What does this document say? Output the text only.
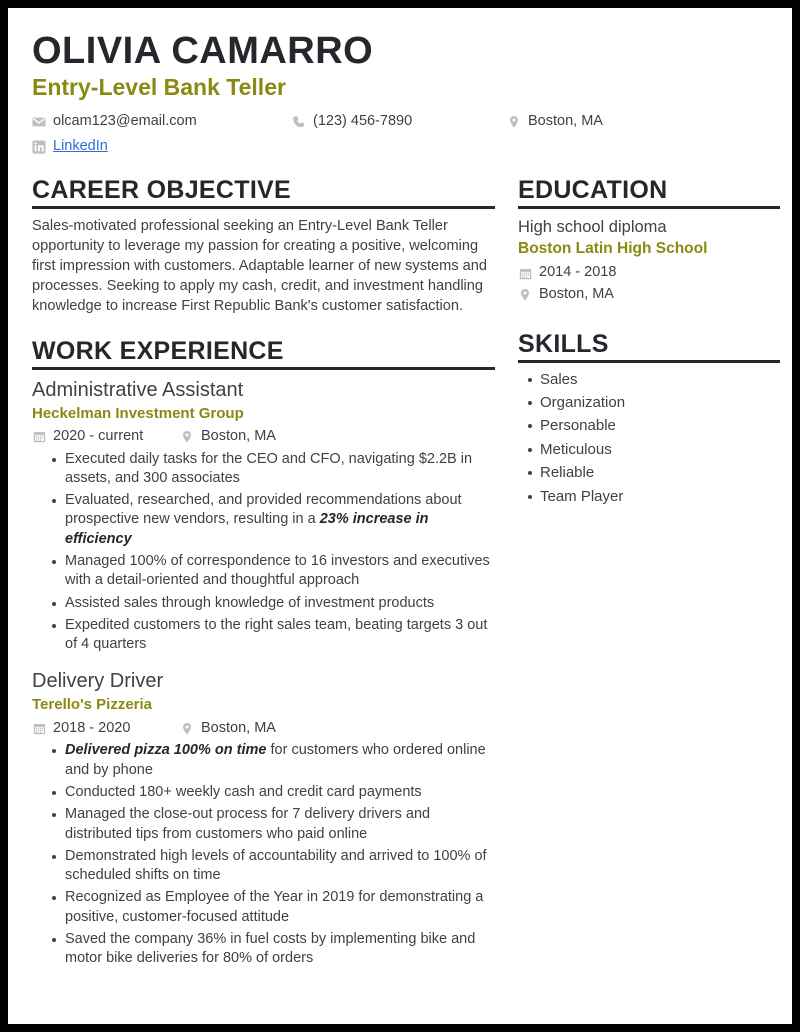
OLIVIA CAMARRO
Entry-Level Bank Teller
olcam123@email.com	(123) 456-7890	Boston, MA
LinkedIn
CAREER OBJECTIVE

Sales-motivated professional seeking an Entry-Level Bank Teller opportunity to leverage my passion for creating a positive, welcoming first impression with customers. Adaptable learner of new systems and processes. Seeking to apply my cash, credit, and investment handling knowledge to increase First Republic Bank's customer satisfaction.

WORK EXPERIENCE
Administrative Assistant
Heckelman Investment Group
2020 - current	Boston, MA
Executed daily tasks for the CEO and CFO, navigating $2.2B in assets, and 300 associates
Evaluated, researched, and provided recommendations about prospective new vendors, resulting in a 23% increase in efficiency
Managed 100% of correspondence to 16 investors and executives with a detail-oriented and thoughtful approach
Assisted sales through knowledge of investment products
Expedited customers to the right sales team, beating targets 3 out of 4 quarters
Delivery Driver
Terello's Pizzeria
2018 - 2020	Boston, MA
Delivered pizza 100% on time for customers who ordered online and by phone
Conducted 180+ weekly cash and credit card payments
Managed the close-out process for 7 delivery drivers and distributed tips from customers who paid online
Demonstrated high levels of accountability and arrived to 100% of scheduled shifts on time
Recognized as Employee of the Year in 2019 for demonstrating a positive, customer-focused attitude
Saved the company 36% in fuel costs by implementing bike and motor bike deliveries for 80% of orders
EDUCATION
High school diploma
Boston Latin High School
2014 - 2018
Boston, MA
SKILLS
Sales
Organization
Personable
Meticulous
Reliable
Team Player
